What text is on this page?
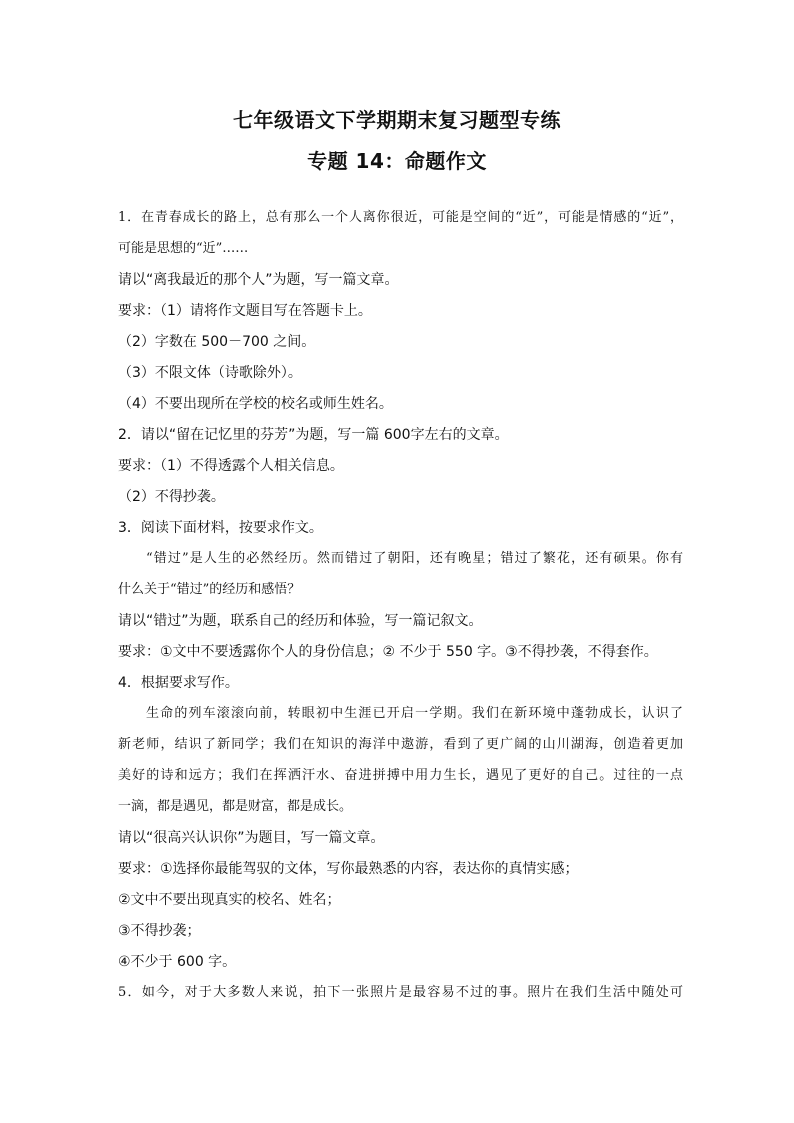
七年级语文下学期期末复习题型专练
专题 14：命题作文
1．在青春成长的路上，总有那么一个人离你很近，可能是空间的“近”，可能是情感的“近”，
可能是思想的“近”……
请以“离我最近的那个人”为题，写一篇文章。
要求：（1）请将作文题目写在答题卡上。
（2）字数在 500－700 之间。
（3）不限文体（诗歌除外）。
（4）不要出现所在学校的校名或师生姓名。
2．请以“留在记忆里的芬芳”为题，写一篇 600字左右的文章。
要求：（1）不得透露个人相关信息。
（2）不得抄袭。
3．阅读下面材料，按要求作文。
“错过”是人生的必然经历。然而错过了朝阳，还有晚星；错过了繁花，还有硕果。你有
什么关于“错过”的经历和感悟？
请以“错过”为题，联系自己的经历和体验，写一篇记叙文。
要求：①文中不要透露你个人的身份信息；② 不少于 550 字。③不得抄袭，不得套作。
4．根据要求写作。
生命的列车滚滚向前，转眼初中生涯已开启一学期。我们在新环境中蓬勃成长，认识了
新老师，结识了新同学；我们在知识的海洋中遨游，看到了更广阔的山川湖海，创造着更加
美好的诗和远方；我们在挥洒汗水、奋进拼搏中用力生长，遇见了更好的自己。过往的一点
一滴，都是遇见，都是财富，都是成长。
请以“很高兴认识你”为题目，写一篇文章。
要求：①选择你最能驾驭的文体，写你最熟悉的内容，表达你的真情实感；
②文中不要出现真实的校名、姓名；
③不得抄袭；
④不少于 600 字。
5．如今，对于大多数人来说，拍下一张照片是最容易不过的事。照片在我们生活中随处可
